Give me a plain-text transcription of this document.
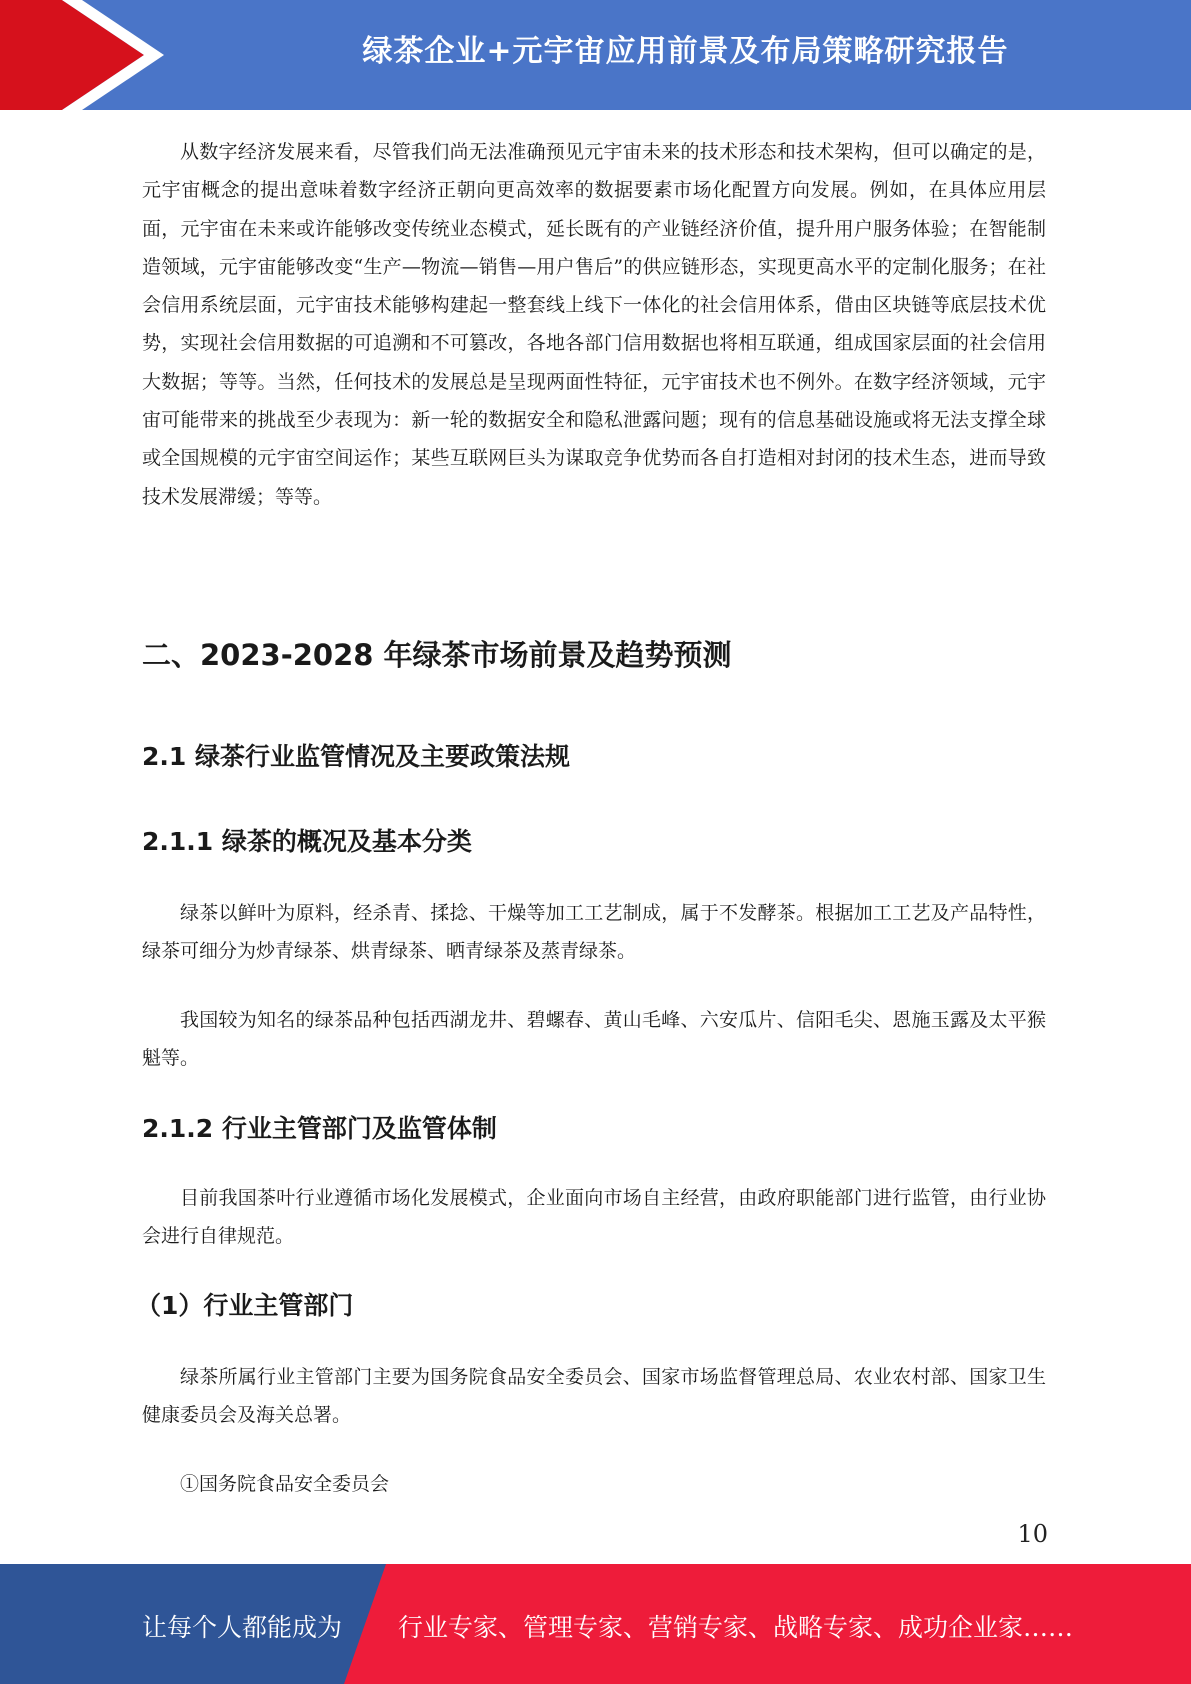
绿茶企业+元宇宙应用前景及布局策略研究报告

从数字经济发展来看，尽管我们尚无法准确预见元宇宙未来的技术形态和技术架构，但可以确定的是，元宇宙概念的提出意味着数字经济正朝向更高效率的数据要素市场化配置方向发展。例如，在具体应用层面，元宇宙在未来或许能够改变传统业态模式，延长既有的产业链经济价值，提升用户服务体验；在智能制造领域，元宇宙能够改变“生产—物流—销售—用户售后”的供应链形态，实现更高水平的定制化服务；在社会信用系统层面，元宇宙技术能够构建起一整套线上线下一体化的社会信用体系，借由区块链等底层技术优势，实现社会信用数据的可追溯和不可篡改，各地各部门信用数据也将相互联通，组成国家层面的社会信用大数据；等等。当然，任何技术的发展总是呈现两面性特征，元宇宙技术也不例外。在数字经济领域，元宇宙可能带来的挑战至少表现为：新一轮的数据安全和隐私泄露问题；现有的信息基础设施或将无法支撑全球或全国规模的元宇宙空间运作；某些互联网巨头为谋取竞争优势而各自打造相对封闭的技术生态，进而导致技术发展滞缓；等等。

二、2023-2028 年绿茶市场前景及趋势预测
2.1 绿茶行业监管情况及主要政策法规
2.1.1 绿茶的概况及基本分类

绿茶以鲜叶为原料，经杀青、揉捻、干燥等加工工艺制成，属于不发酵茶。根据加工工艺及产品特性，绿茶可细分为炒青绿茶、烘青绿茶、晒青绿茶及蒸青绿茶。

我国较为知名的绿茶品种包括西湖龙井、碧螺春、黄山毛峰、六安瓜片、信阳毛尖、恩施玉露及太平猴魁等。

2.1.2 行业主管部门及监管体制

目前我国茶叶行业遵循市场化发展模式，企业面向市场自主经营，由政府职能部门进行监管，由行业协会进行自律规范。

（1）行业主管部门

绿茶所属行业主管部门主要为国务院食品安全委员会、国家市场监督管理总局、农业农村部、国家卫生健康委员会及海关总署。

①国务院食品安全委员会

10
让每个人都能成为 行业专家、管理专家、营销专家、战略专家、成功企业家……
